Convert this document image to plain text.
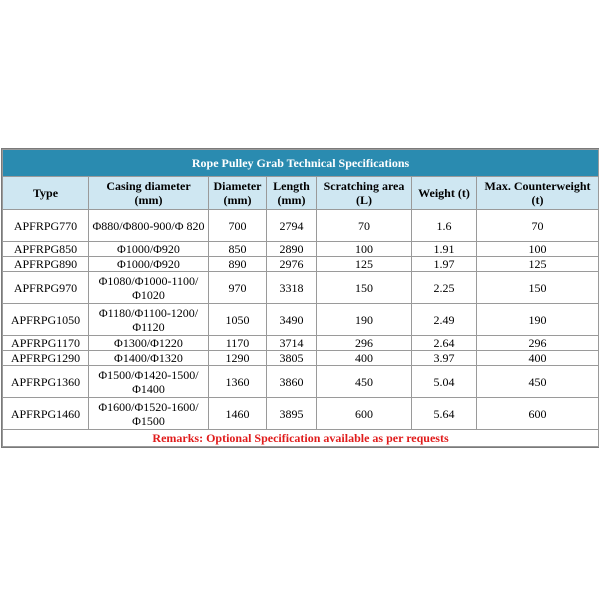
Rope Pulley Grab Technical Specifications						
Type	Casing diameter (mm)	Diameter (mm)	Length (mm)	Scratching area (L)	Weight (t)	Max. Counterweight (t)
APFRPG770	Φ880/Φ800-900/Φ 820	700	2794	70	1.6	70
APFRPG850	Φ1000/Φ920	850	2890	100	1.91	100
APFRPG890	Φ1000/Φ920	890	2976	125	1.97	125
APFRPG970	Φ1080/Φ1000-1100/ Φ1020	970	3318	150	2.25	150
APFRPG1050	Φ1180/Φ1100-1200/ Φ1120	1050	3490	190	2.49	190
APFRPG1170	Φ1300/Φ1220	1170	3714	296	2.64	296
APFRPG1290	Φ1400/Φ1320	1290	3805	400	3.97	400
APFRPG1360	Φ1500/Φ1420-1500/ Φ1400	1360	3860	450	5.04	450
APFRPG1460	Φ1600/Φ1520-1600/ Φ1500	1460	3895	600	5.64	600
Remarks: Optional Specification available as per requests						
